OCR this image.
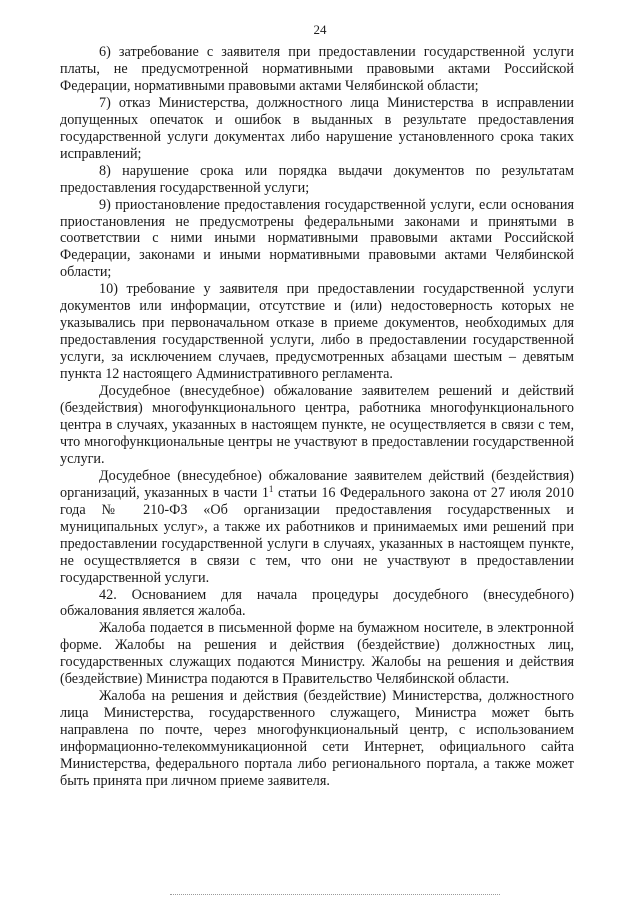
24

6) затребование с заявителя при предоставлении государственной услуги платы, не предусмотренной нормативными правовыми актами Российской Федерации, нормативными правовыми актами Челябинской области;

7) отказ Министерства, должностного лица Министерства в исправлении допущенных опечаток и ошибок в выданных в результате предоставления государственной услуги документах либо нарушение установленного срока таких исправлений;

8) нарушение срока или порядка выдачи документов по результатам предоставления государственной услуги;

9) приостановление предоставления государственной услуги, если основания приостановления не предусмотрены федеральными законами и принятыми в соответствии с ними иными нормативными правовыми актами Российской Федерации, законами и иными нормативными правовыми актами Челябинской области;

10) требование у заявителя при предоставлении государственной услуги документов или информации, отсутствие и (или) недостоверность которых не указывались при первоначальном отказе в приеме документов, необходимых для предоставления государственной услуги, либо в предоставлении государственной услуги, за исключением случаев, предусмотренных абзацами шестым – девятым пункта 12 настоящего Административного регламента.

Досудебное (внесудебное) обжалование заявителем решений и действий (бездействия) многофункционального центра, работника многофункционального центра в случаях, указанных в настоящем пункте, не осуществляется в связи с тем, что многофункциональные центры не участвуют в предоставлении государственной услуги.

Досудебное (внесудебное) обжалование заявителем действий (бездействия) организаций, указанных в части $1^1$ статьи 16 Федерального закона от 27 июля 2010 года № 210-ФЗ «Об организации предоставления государственных и муниципальных услуг», а также их работников и принимаемых ими решений при предоставлении государственной услуги в случаях, указанных в настоящем пункте, не осуществляется в связи с тем, что они не участвуют в предоставлении государственной услуги.

42. Основанием для начала процедуры досудебного (внесудебного) обжалования является жалоба.

Жалоба подается в письменной форме на бумажном носителе, в электронной форме. Жалобы на решения и действия (бездействие) должностных лиц, государственных служащих подаются Министру. Жалобы на решения и действия (бездействие) Министра подаются в Правительство Челябинской области.

Жалоба на решения и действия (бездействие) Министерства, должностного лица Министерства, государственного служащего, Министра может быть направлена по почте, через многофункциональный центр, с использованием информационно-телекоммуникационной сети Интернет, официального сайта Министерства, федерального портала либо регионального портала, а также может быть принята при личном приеме заявителя.
